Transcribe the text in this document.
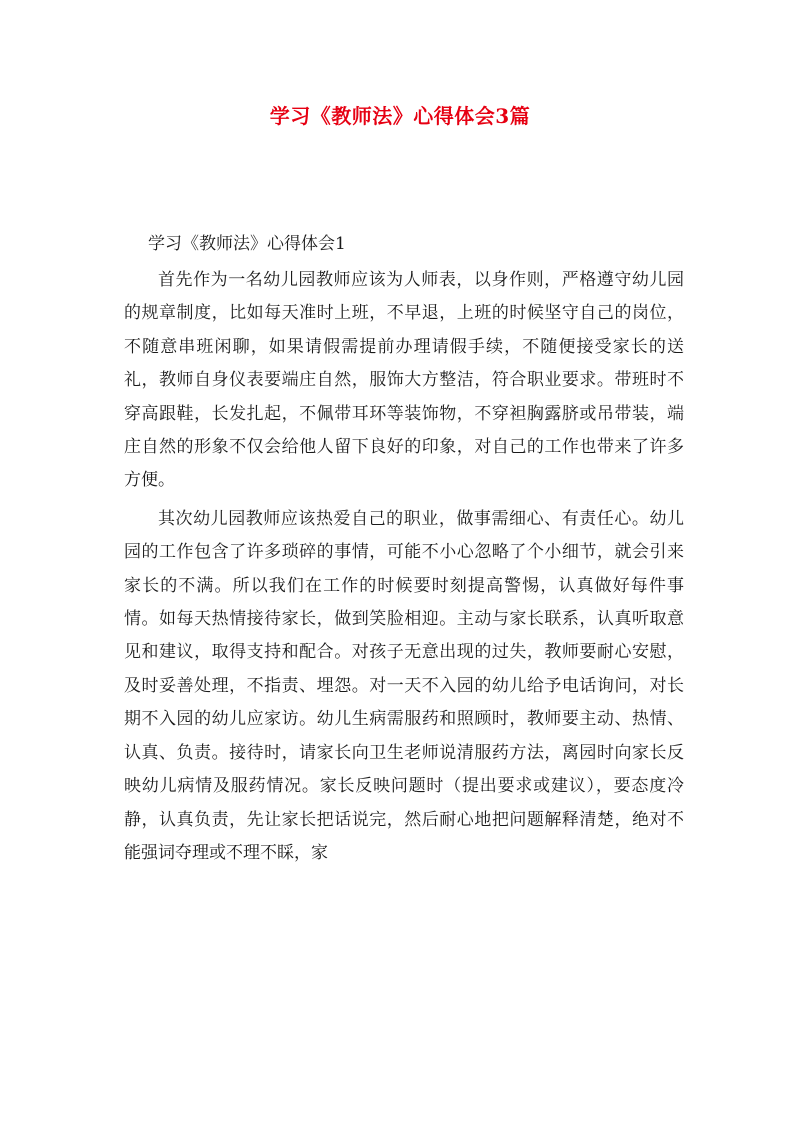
学习《教师法》心得体会3篇
学习《教师法》心得体会1

首先作为一名幼儿园教师应该为人师表，以身作则，严格遵守幼儿园的规章制度，比如每天准时上班，不早退，上班的时候坚守自己的岗位，不随意串班闲聊，如果请假需提前办理请假手续，不随便接受家长的送礼，教师自身仪表要端庄自然，服饰大方整洁，符合职业要求。带班时不穿高跟鞋，长发扎起，不佩带耳环等装饰物，不穿袒胸露脐或吊带装，端庄自然的形象不仅会给他人留下良好的印象，对自己的工作也带来了许多方便。

其次幼儿园教师应该热爱自己的职业，做事需细心、有责任心。幼儿园的工作包含了许多琐碎的事情，可能不小心忽略了个小细节，就会引来家长的不满。所以我们在工作的时候要时刻提高警惕，认真做好每件事情。如每天热情接待家长，做到笑脸相迎。主动与家长联系，认真听取意见和建议，取得支持和配合。对孩子无意出现的过失，教师要耐心安慰，及时妥善处理，不指责、埋怨。对一天不入园的幼儿给予电话询问，对长期不入园的幼儿应家访。幼儿生病需服药和照顾时，教师要主动、热情、认真、负责。接待时，请家长向卫生老师说清服药方法，离园时向家长反映幼儿病情及服药情况。家长反映问题时（提出要求或建议），要态度冷静，认真负责，先让家长把话说完，然后耐心地把问题解释清楚，绝对不能强词夺理或不理不睬，家
